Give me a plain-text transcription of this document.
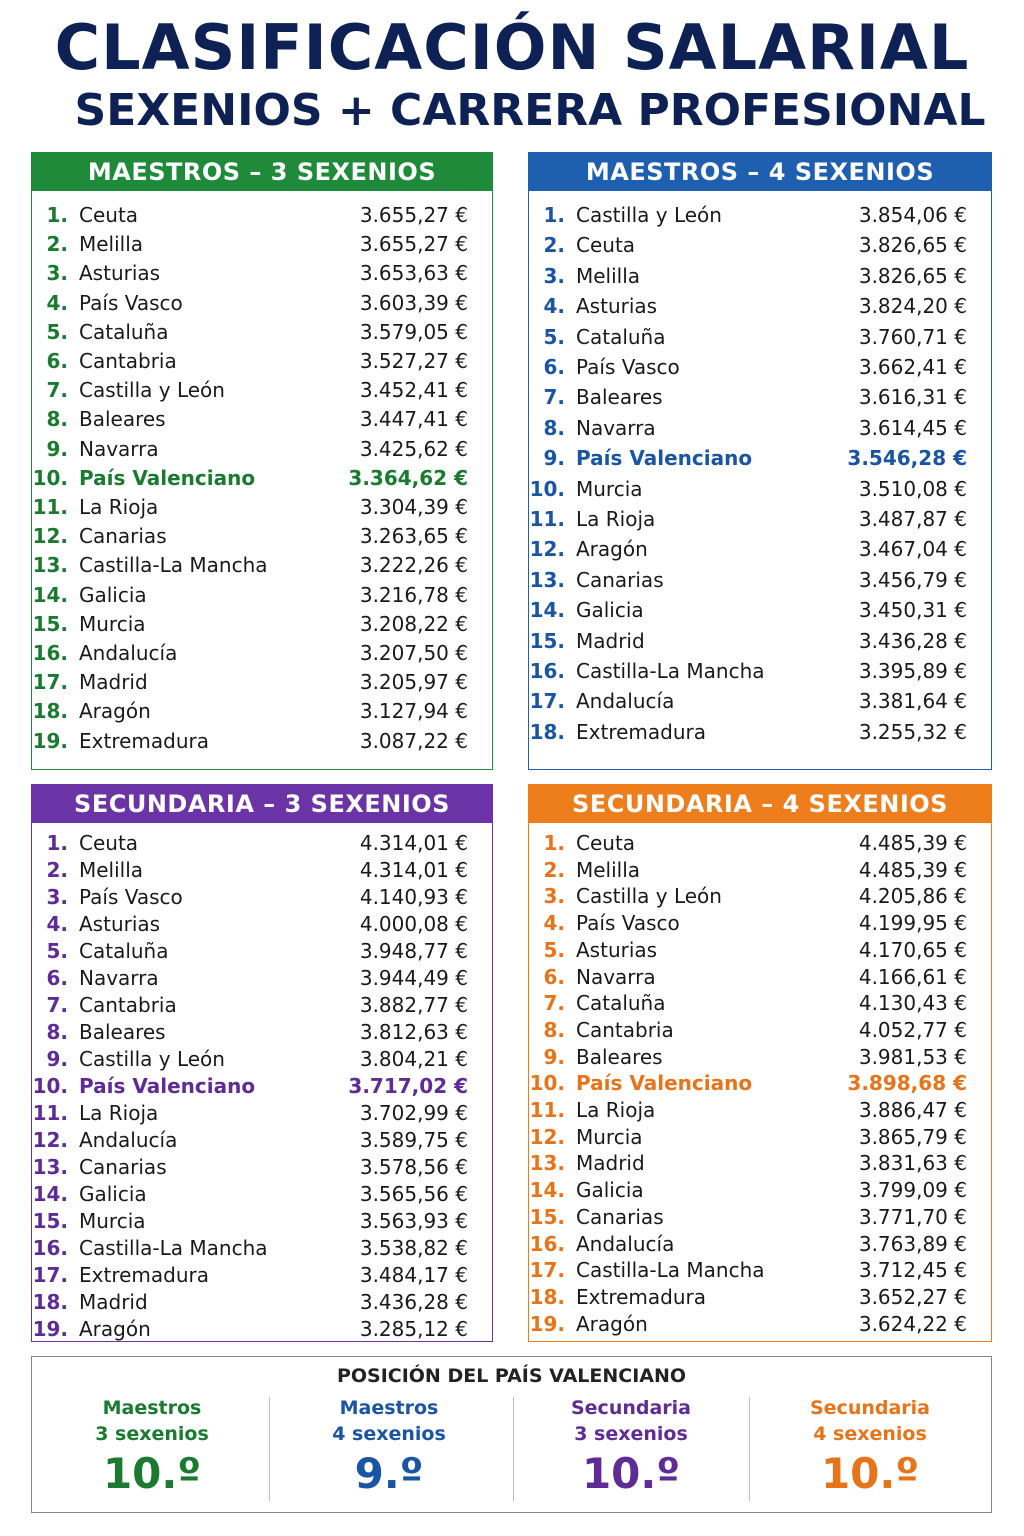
CLASIFICACIÓN SALARIAL
SEXENIOS + CARRERA PROFESIONAL
MAESTROS – 3 SEXENIOS
1. Ceuta	3.655,27 €
2. Melilla	3.655,27 €
3. Asturias	3.653,63 €
4. País Vasco	3.603,39 €
5. Cataluña	3.579,05 €
6. Cantabria	3.527,27 €
7. Castilla y León	3.452,41 €
8. Baleares	3.447,41 €
9. Navarra	3.425,62 €
10. País Valenciano	3.364,62 €
11. La Rioja	3.304,39 €
12. Canarias	3.263,65 €
13. Castilla-La Mancha	3.222,26 €
14. Galicia	3.216,78 €
15. Murcia	3.208,22 €
16. Andalucía	3.207,50 €
17. Madrid	3.205,97 €
18. Aragón	3.127,94 €
19. Extremadura	3.087,22 €
MAESTROS – 4 SEXENIOS
1. Castilla y León	3.854,06 €
2. Ceuta	3.826,65 €
3. Melilla	3.826,65 €
4. Asturias	3.824,20 €
5. Cataluña	3.760,71 €
6. País Vasco	3.662,41 €
7. Baleares	3.616,31 €
8. Navarra	3.614,45 €
9. País Valenciano	3.546,28 €
10. Murcia	3.510,08 €
11. La Rioja	3.487,87 €
12. Aragón	3.467,04 €
13. Canarias	3.456,79 €
14. Galicia	3.450,31 €
15. Madrid	3.436,28 €
16. Castilla-La Mancha	3.395,89 €
17. Andalucía	3.381,64 €
18. Extremadura	3.255,32 €
SECUNDARIA – 3 SEXENIOS
1. Ceuta	4.314,01 €
2. Melilla	4.314,01 €
3. País Vasco	4.140,93 €
4. Asturias	4.000,08 €
5. Cataluña	3.948,77 €
6. Navarra	3.944,49 €
7. Cantabria	3.882,77 €
8. Baleares	3.812,63 €
9. Castilla y León	3.804,21 €
10. País Valenciano	3.717,02 €
11. La Rioja	3.702,99 €
12. Andalucía	3.589,75 €
13. Canarias	3.578,56 €
14. Galicia	3.565,56 €
15. Murcia	3.563,93 €
16. Castilla-La Mancha	3.538,82 €
17. Extremadura	3.484,17 €
18. Madrid	3.436,28 €
19. Aragón	3.285,12 €
SECUNDARIA – 4 SEXENIOS
1. Ceuta	4.485,39 €
2. Melilla	4.485,39 €
3. Castilla y León	4.205,86 €
4. País Vasco	4.199,95 €
5. Asturias	4.170,65 €
6. Navarra	4.166,61 €
7. Cataluña	4.130,43 €
8. Cantabria	4.052,77 €
9. Baleares	3.981,53 €
10. País Valenciano	3.898,68 €
11. La Rioja	3.886,47 €
12. Murcia	3.865,79 €
13. Madrid	3.831,63 €
14. Galicia	3.799,09 €
15. Canarias	3.771,70 €
16. Andalucía	3.763,89 €
17. Castilla-La Mancha	3.712,45 €
18. Extremadura	3.652,27 €
19. Aragón	3.624,22 €
POSICIÓN DEL PAÍS VALENCIANO
Maestros
3 sexenios
10.º
Maestros
4 sexenios
9.º
Secundaria
3 sexenios
10.º
Secundaria
4 sexenios
10.º
